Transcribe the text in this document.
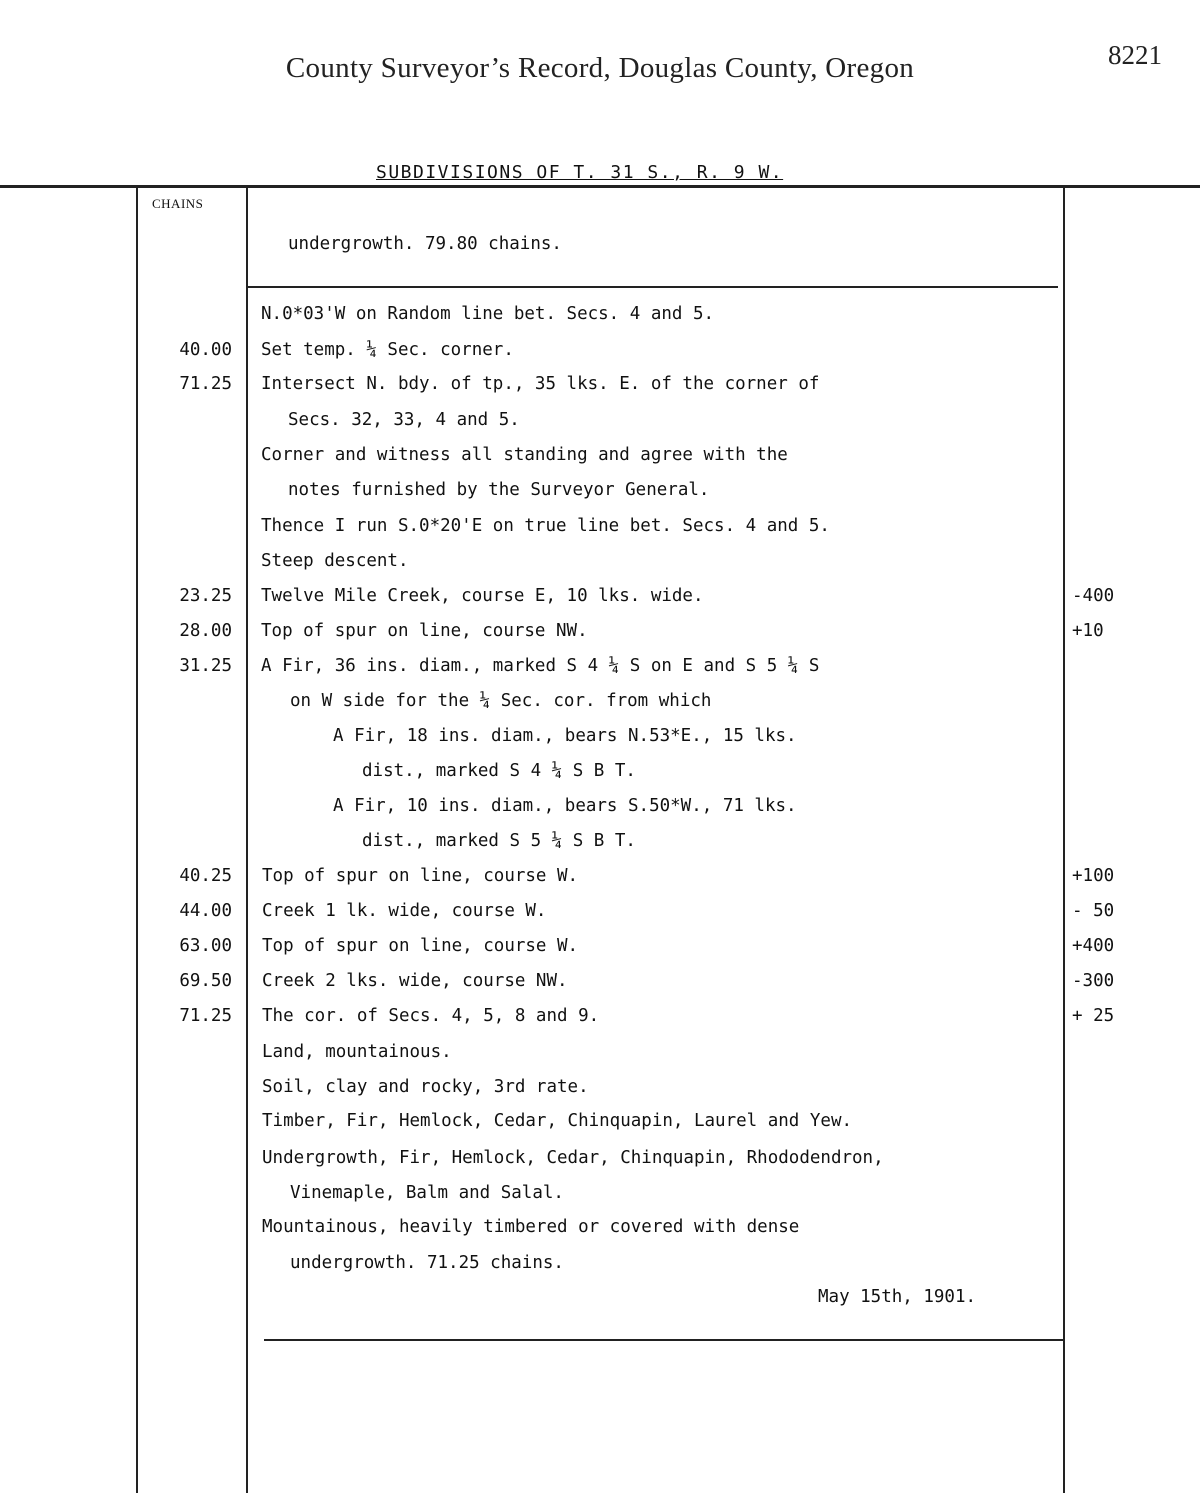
County Surveyor’s Record, Douglas County, Oregon	8221
SUBDIVISIONS OF T. 31 S., R. 9 W.
CHAINS
undergrowth. 79.80 chains.
N.0*03'W on Random line bet. Secs. 4 and 5.
40.00 Set temp. ¼ Sec. corner.
71.25 Intersect N. bdy. of tp., 35 lks. E. of the corner of
Secs. 32, 33, 4 and 5.
Corner and witness all standing and agree with the
notes furnished by the Surveyor General.
Thence I run S.0*20'E on true line bet. Secs. 4 and 5.
Steep descent.
23.25 Twelve Mile Creek, course E, 10 lks. wide.	-400
28.00 Top of spur on line, course NW.	+10
31.25 A Fir, 36 ins. diam., marked S 4 ¼ S on E and S 5 ¼ S
on W side for the ¼ Sec. cor. from which
A Fir, 18 ins. diam., bears N.53*E., 15 lks.
dist., marked S 4 ¼ S B T.
A Fir, 10 ins. diam., bears S.50*W., 71 lks.
dist., marked S 5 ¼ S B T.
40.25 Top of spur on line, course W.	+100
44.00 Creek 1 lk. wide, course W.	- 50
63.00 Top of spur on line, course W.	+400
69.50 Creek 2 lks. wide, course NW.	-300
71.25 The cor. of Secs. 4, 5, 8 and 9.	+ 25
Land, mountainous.
Soil, clay and rocky, 3rd rate.
Timber, Fir, Hemlock, Cedar, Chinquapin, Laurel and Yew.
Undergrowth, Fir, Hemlock, Cedar, Chinquapin, Rhododendron,
Vinemaple, Balm and Salal.
Mountainous, heavily timbered or covered with dense
undergrowth. 71.25 chains.
May 15th, 1901.
